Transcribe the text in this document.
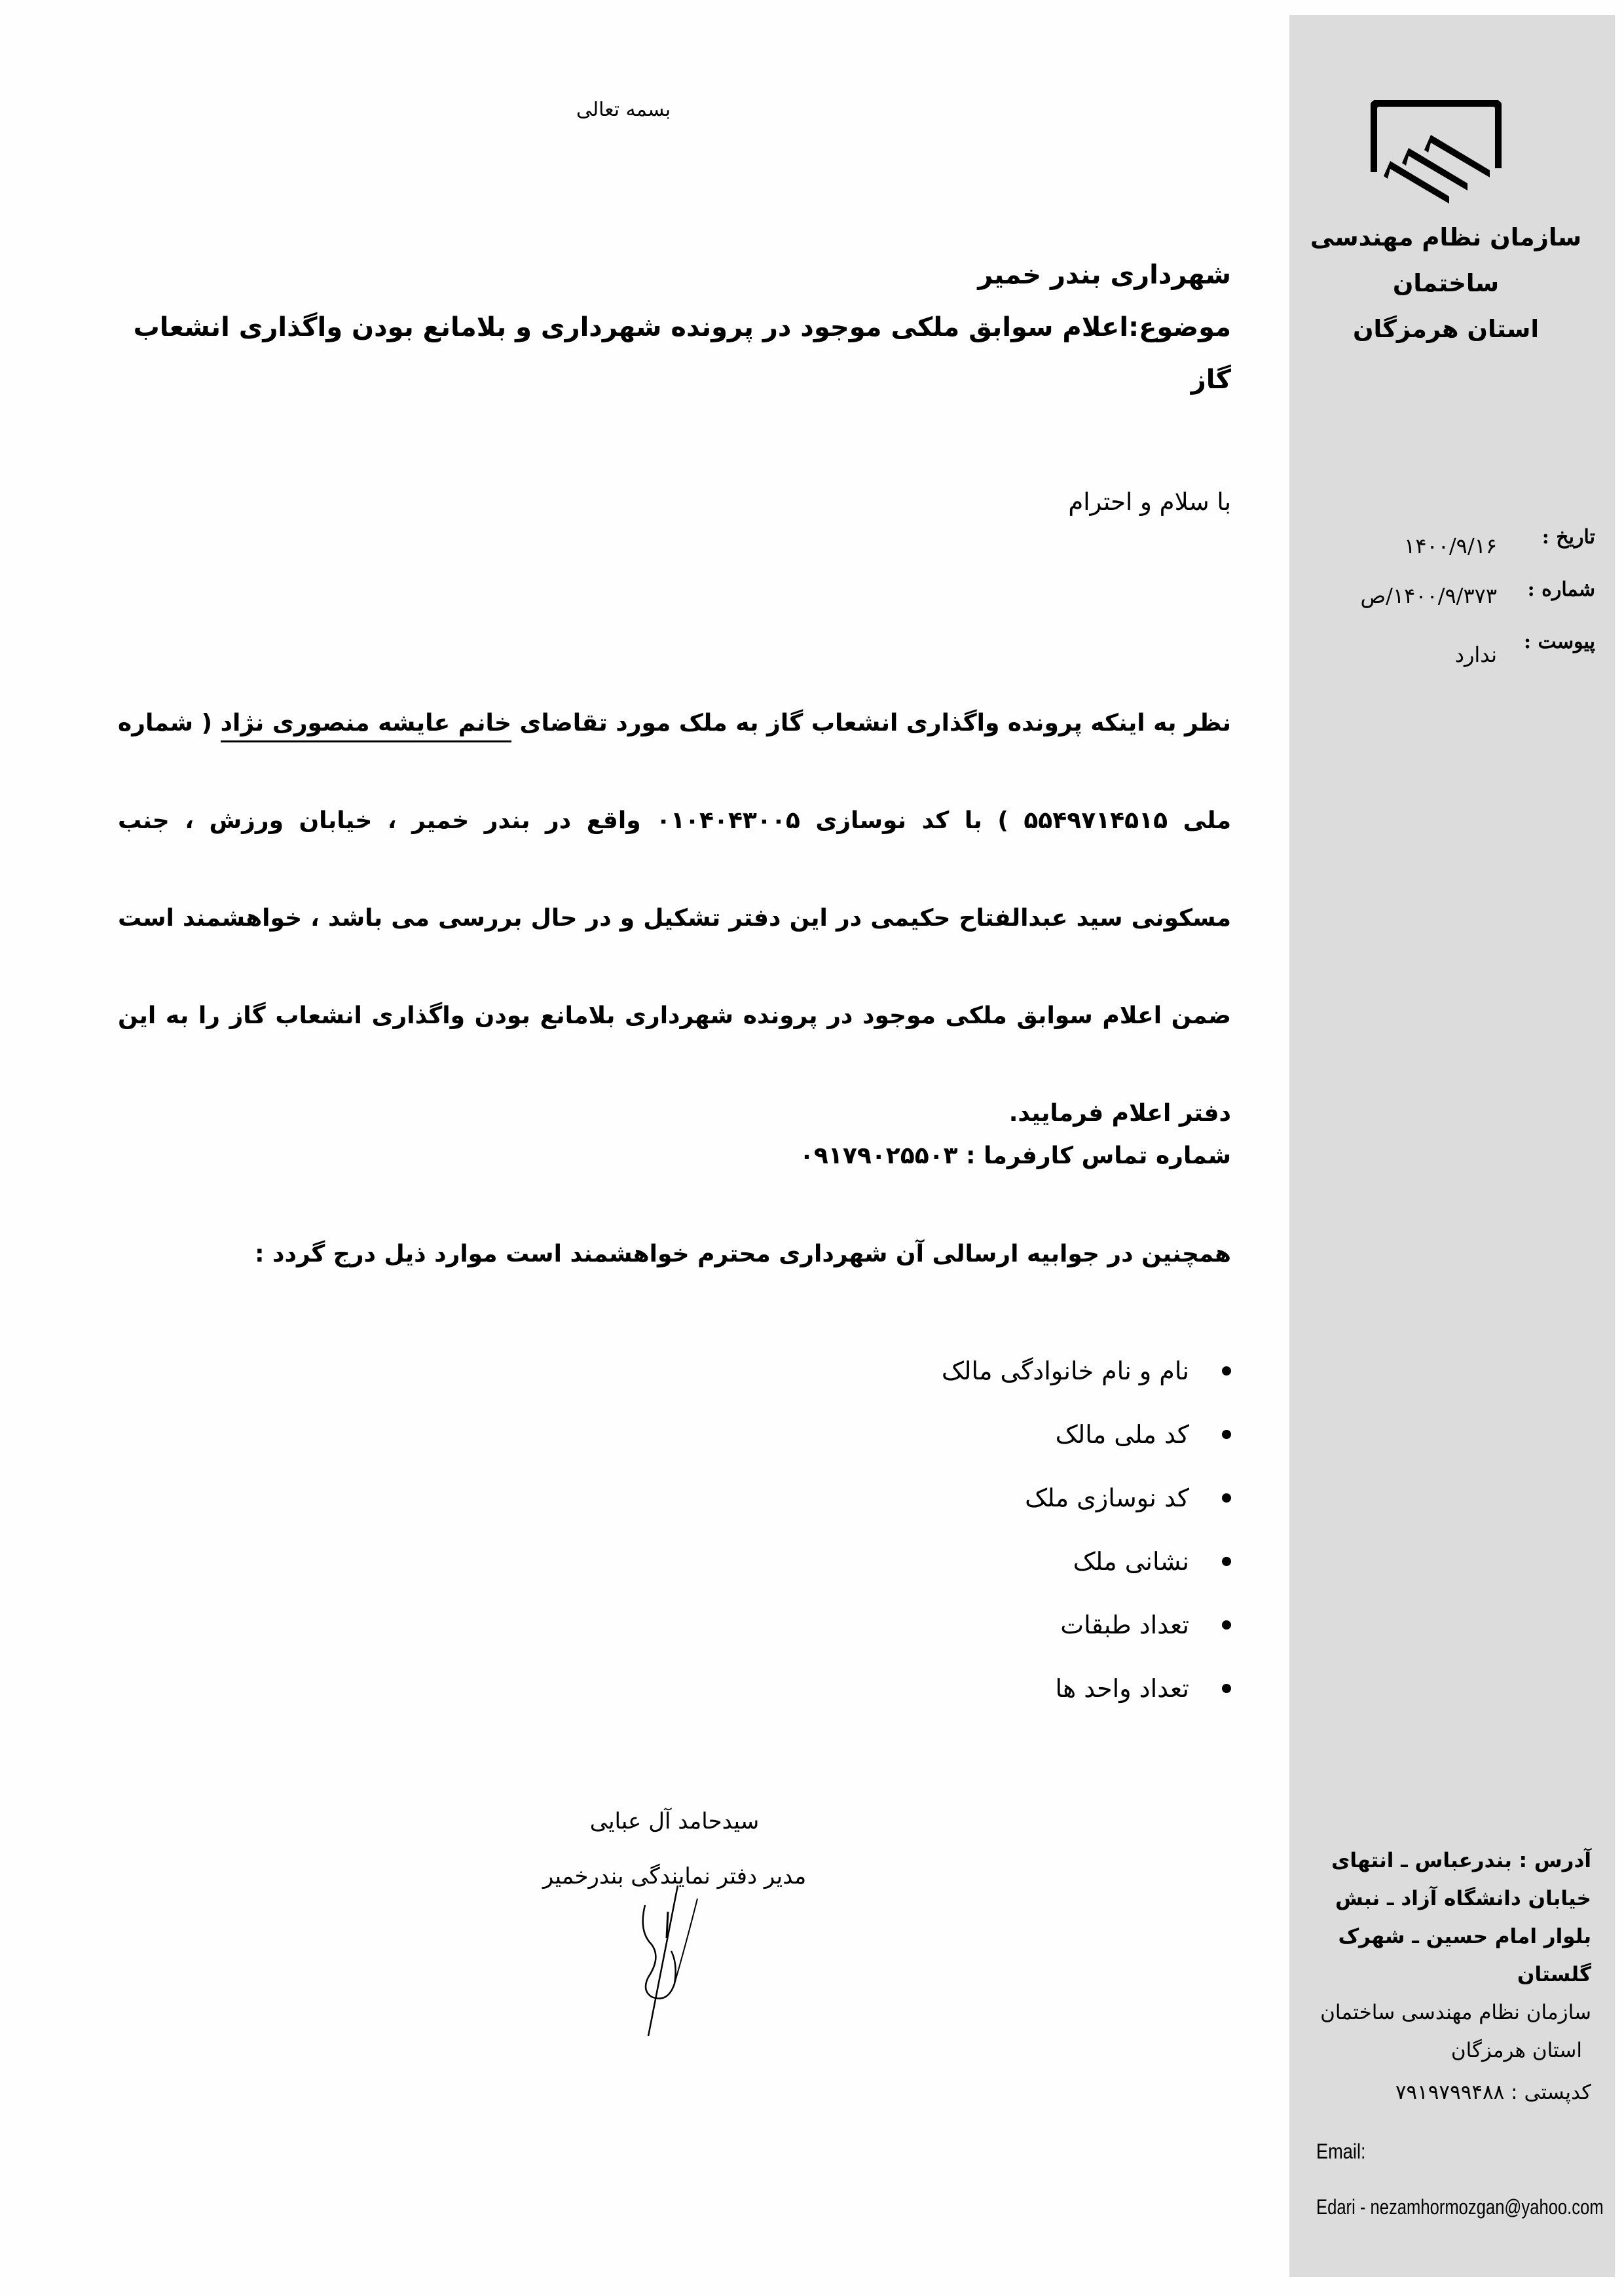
سازمان نظام مهندسی ساختمان
استان هرمزگان
تاریخ :
۱۴۰۰/۹/۱۶
شماره :
۱۴۰۰/۹/۳۷۳/ص
پیوست :
ندارد
آدرس : بندرعباس ـ انتهای
خیابان دانشگاه آزاد ـ نبش
بلوار امام حسین ـ شهرک
گلستان
سازمان نظام مهندسی ساختمان
استان هرمزگان
کدپستی : ۷۹۱۹۷۹۹۴۸۸
Email:
Edari - nezamhormozgan@yahoo.com
بسمه تعالی
شهرداری بندر خمیر
موضوع:اعلام سوابق ملکی موجود در پرونده شهرداری و بلامانع بودن واگذاری انشعاب گاز
با سلام و احترام
نظر به اینکه پرونده واگذاری انشعاب گاز به ملک مورد تقاضای خانم عایشه منصوری نژاد ( شماره ملی ۵۵۴۹۷۱۴۵۱۵ ) با کد نوسازی ۰۱۰۴۰۴۳۰۰۵ واقع در بندر خمیر ، خیابان ورزش ، جنب مسکونی سید عبدالفتاح حکیمی در این دفتر تشکیل و در حال بررسی می باشد ، خواهشمند است ضمن اعلام سوابق ملکی موجود در پرونده شهرداری بلامانع بودن واگذاری انشعاب گاز را به این دفتر اعلام فرمایید.
شماره تماس کارفرما : ۰۹۱۷۹۰۲۵۵۰۳
همچنین در جوابیه ارسالی آن شهرداری محترم خواهشمند است موارد ذیل درج گردد :
نام و نام خانوادگی مالک
کد ملی مالک
کد نوسازی ملک
نشانی ملک
تعداد طبقات
تعداد واحد ها
سیدحامد آل عبایی
مدیر دفتر نمایندگی بندرخمیر
